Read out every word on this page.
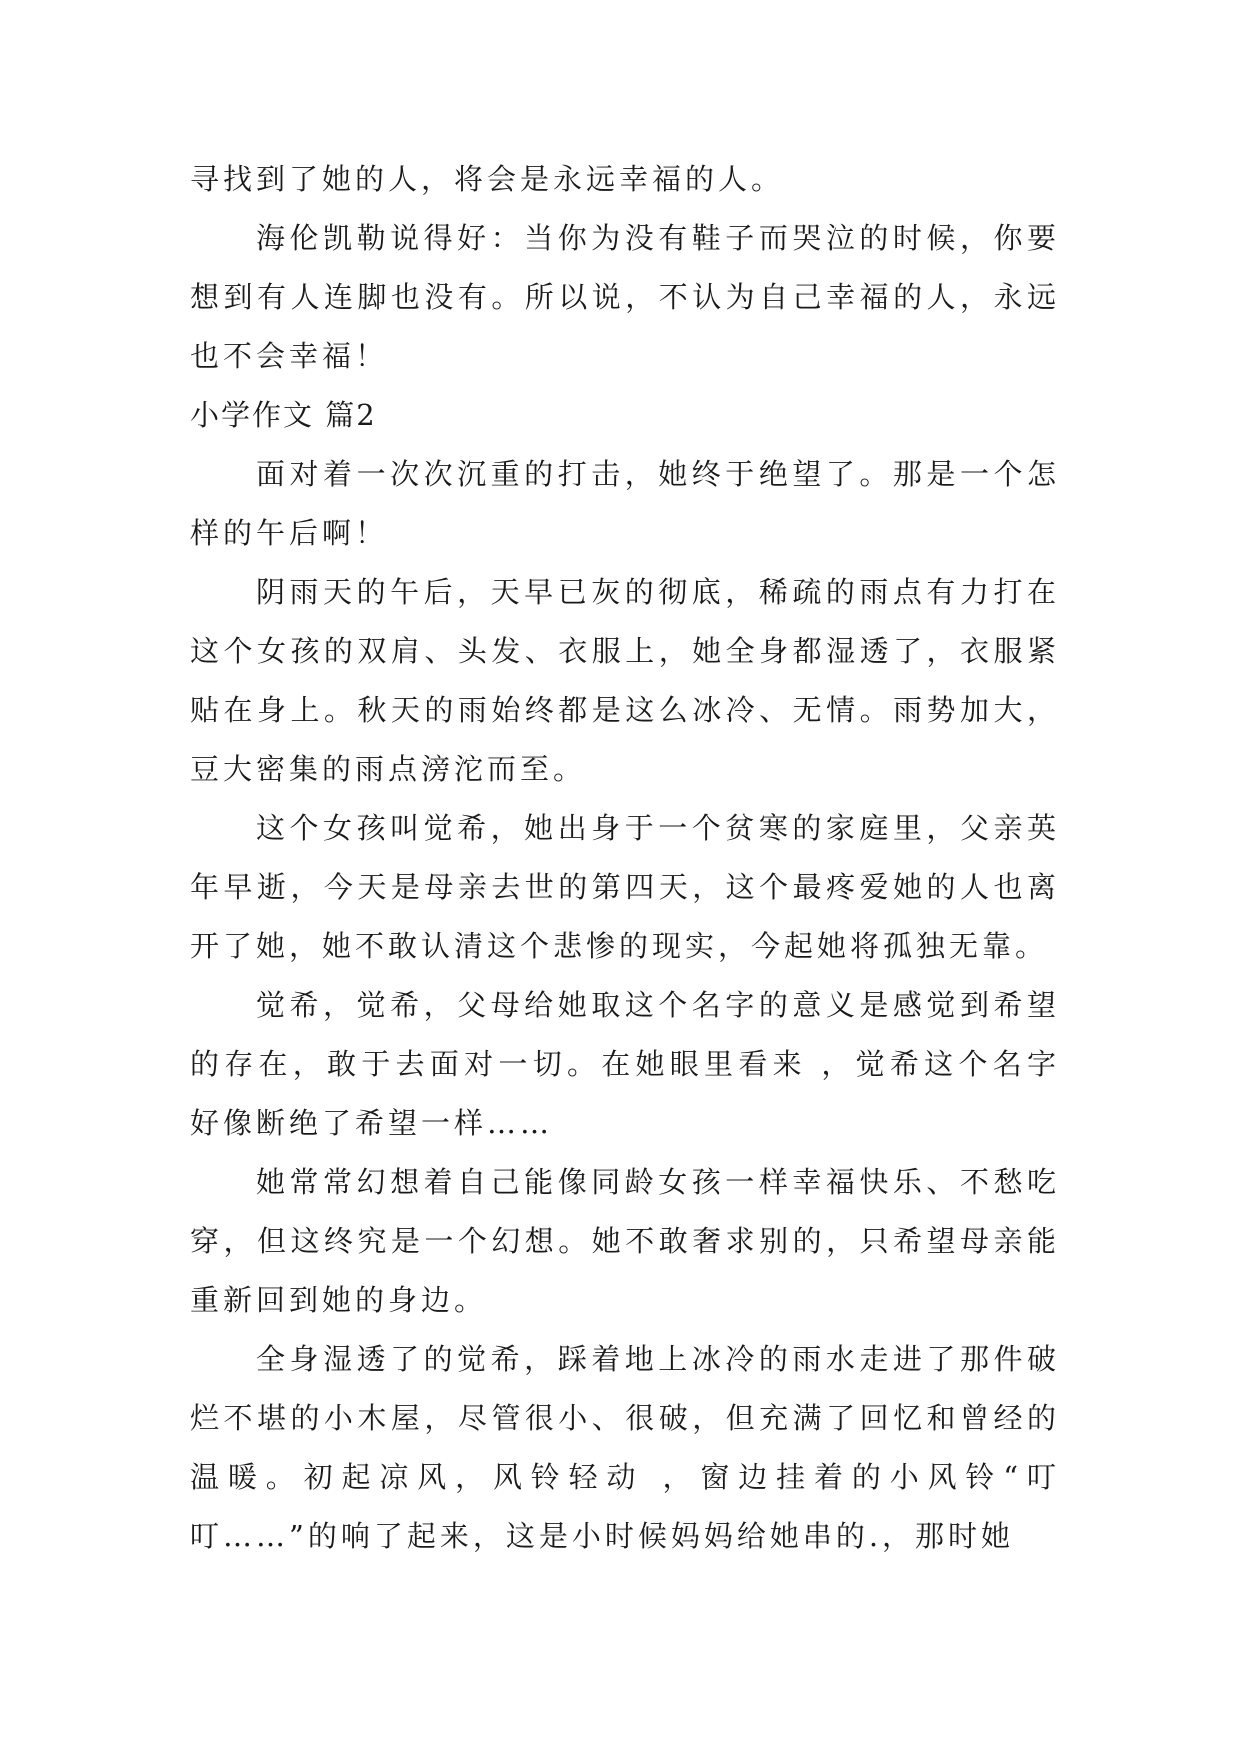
寻找到了她的人，将会是永远幸福的人。

海伦凯勒说得好：当你为没有鞋子而哭泣的时候，你要想到有人连脚也没有。所以说，不认为自己幸福的人，永远也不会幸福！

小学作文 篇2

面对着一次次沉重的打击，她终于绝望了。那是一个怎样的午后啊！

阴雨天的午后，天早已灰的彻底，稀疏的雨点有力打在这个女孩的双肩、头发、衣服上，她全身都湿透了，衣服紧贴在身上。秋天的雨始终都是这么冰冷、无情。雨势加大，豆大密集的雨点滂沱而至。

这个女孩叫觉希，她出身于一个贫寒的家庭里，父亲英年早逝，今天是母亲去世的第四天，这个最疼爱她的人也离开了她，她不敢认清这个悲惨的现实，今起她将孤独无靠。

觉希，觉希，父母给她取这个名字的意义是感觉到希望的存在，敢于去面对一切。在她眼里看来 ，觉希这个名字好像断绝了希望一样……

她常常幻想着自己能像同龄女孩一样幸福快乐、不愁吃穿，但这终究是一个幻想。她不敢奢求别的，只希望母亲能重新回到她的身边。

全身湿透了的觉希，踩着地上冰冷的雨水走进了那件破烂不堪的小木屋，尽管很小、很破，但充满了回忆和曾经的温暖。初起凉风，风铃轻动 ，窗边挂着的小风铃“叮叮……”的响了起来，这是小时候妈妈给她串的.，那时她
